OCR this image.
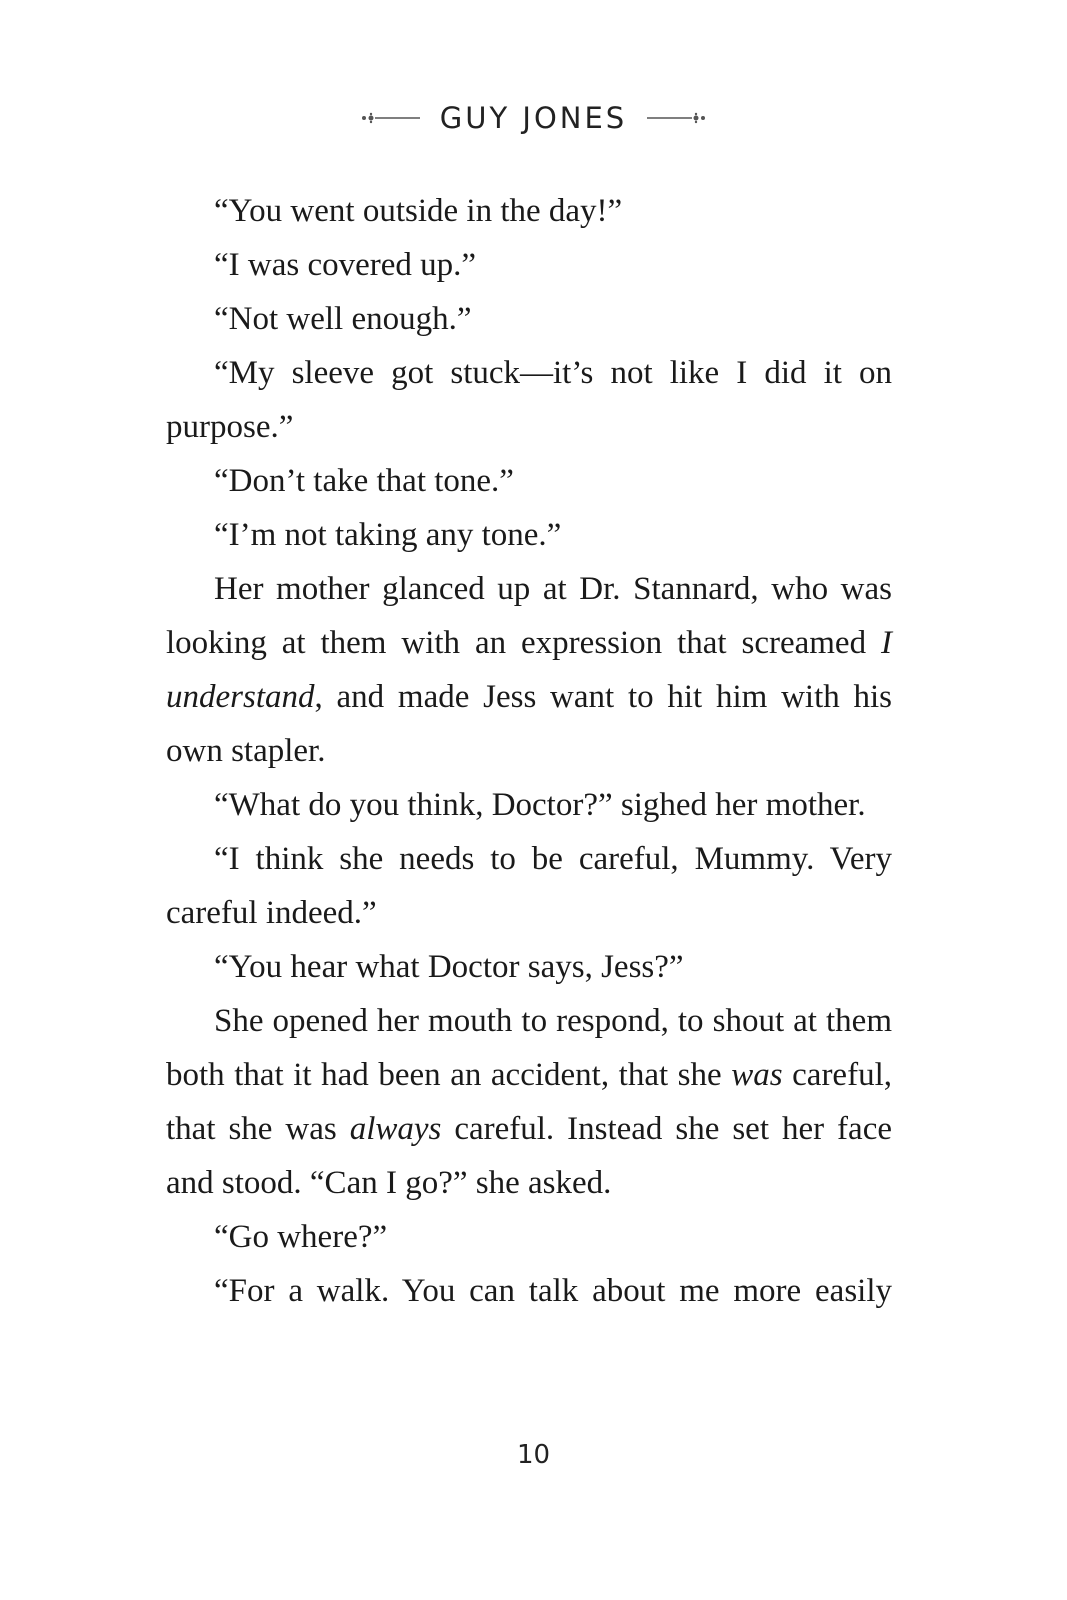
GUY JONES

“You went outside in the day!”

“I was covered up.”

“Not well enough.”

“My sleeve got stuck—it’s not like I did it on purpose.”

“Don’t take that tone.”

“I’m not taking any tone.”

Her mother glanced up at Dr. Stannard, who was looking at them with an expression that screamed I understand, and made Jess want to hit him with his own stapler.

“What do you think, Doctor?” sighed her mother.

“I think she needs to be careful, Mummy. Very careful indeed.”

“You hear what Doctor says, Jess?”

She opened her mouth to respond, to shout at them both that it had been an accident, that she was careful, that she was always careful. Instead she set her face and stood. “Can I go?” she asked.

“Go where?”

“For a walk. You can talk about me more easily

10
